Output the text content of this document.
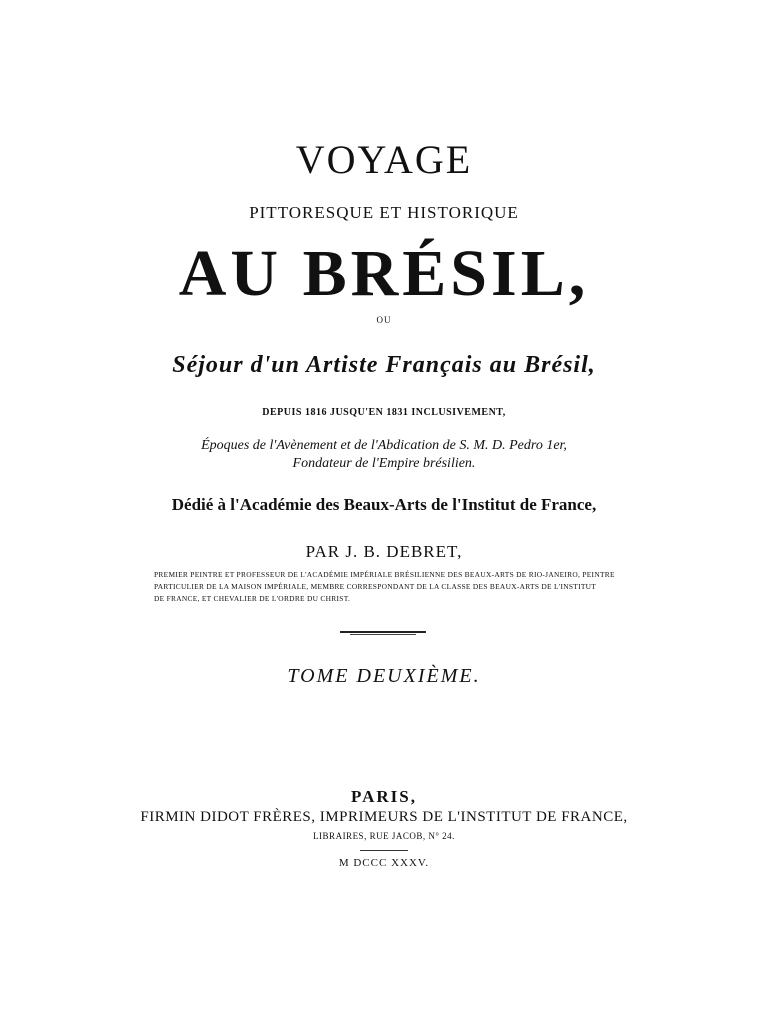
VOYAGE
PITTORESQUE ET HISTORIQUE
AU BRÉSIL,
OU
Séjour d'un Artiste Français au Brésil,
DEPUIS 1816 JUSQU'EN 1831 INCLUSIVEMENT,
Époques de l'Avènement et de l'Abdication de S. M. D. Pedro 1er,
Fondateur de l'Empire brésilien.
Dédié à l'Académie des Beaux-Arts de l'Institut de France,
PAR J. B. DEBRET,
PREMIER PEINTRE ET PROFESSEUR DE L'ACADÉMIE IMPÉRIALE BRÉSILIENNE DES BEAUX-ARTS DE RIO-JANEIRO, PEINTRE
PARTICULIER DE LA MAISON IMPÉRIALE, MEMBRE CORRESPONDANT DE LA CLASSE DES BEAUX-ARTS DE L'INSTITUT
DE FRANCE, ET CHEVALIER DE L'ORDRE DU CHRIST.
TOME DEUXIÈME.
PARIS,
FIRMIN DIDOT FRÈRES, IMPRIMEURS DE L'INSTITUT DE FRANCE,
LIBRAIRES, RUE JACOB, N° 24.
M DCCC XXXV.
